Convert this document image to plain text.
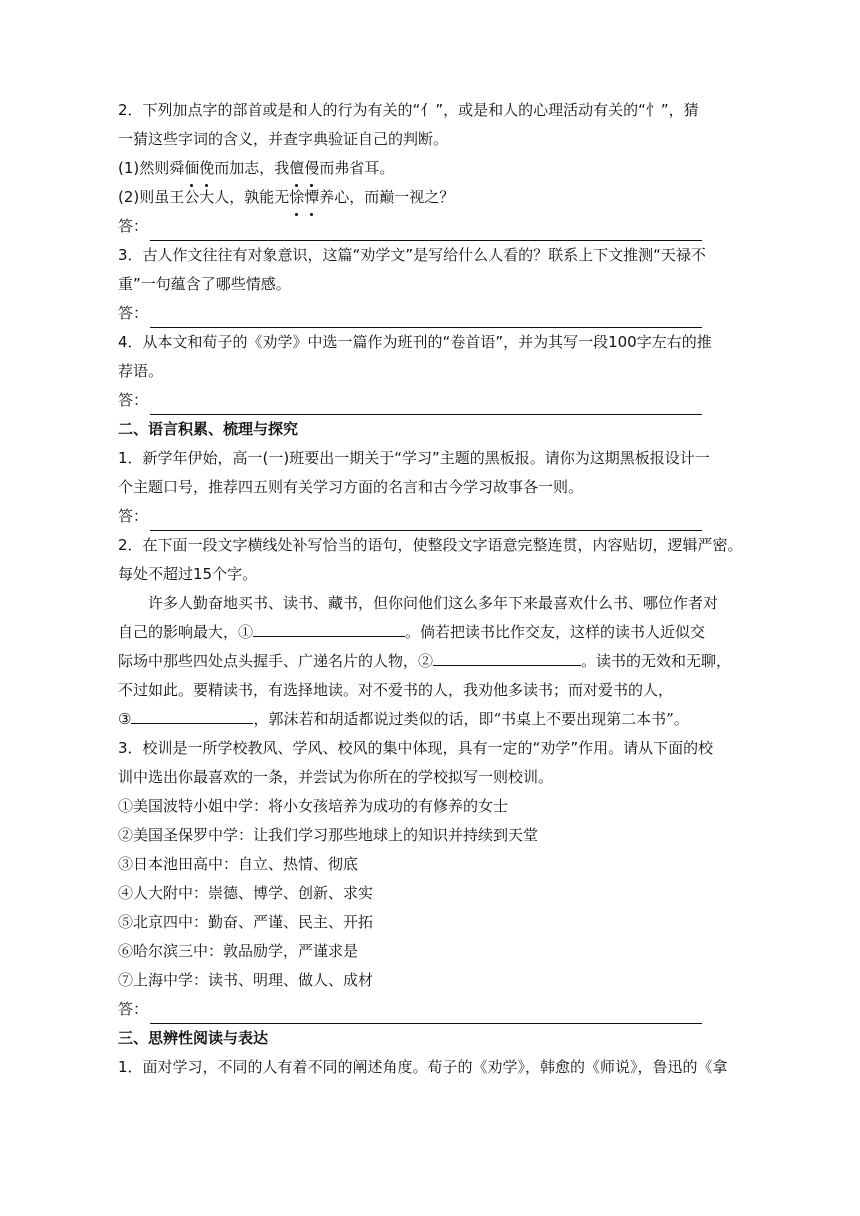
2．下列加点字的部首或是和人的行为有关的“亻”，或是和人的心理活动有关的“忄”，猜

一猜这些字词的含义，并查字典验证自己的判断。

(1)然则舜偭俛而加志，我儃僈而弗省耳。

(2)则虽王公大人，孰能无悇憛养心，而巅一视之？

答：

3．古人作文往往有对象意识，这篇“劝学文”是写给什么人看的？联系上下文推测“天禄不

重”一句蕴含了哪些情感。

答：

4．从本文和荀子的《劝学》中选一篇作为班刊的“卷首语”，并为其写一段100字左右的推

荐语。

答：

二、语言积累、梳理与探究

1．新学年伊始，高一(一)班要出一期关于“学习”主题的黑板报。请你为这期黑板报设计一

个主题口号，推荐四五则有关学习方面的名言和古今学习故事各一则。

答：

2．在下面一段文字横线处补写恰当的语句，使整段文字语意完整连贯，内容贴切，逻辑严密。

每处不超过15个字。

许多人勤奋地买书、读书、藏书，但你问他们这么多年下来最喜欢什么书、哪位作者对

自己的影响最大，①	。倘若把读书比作交友，这样的读书人近似交

际场中那些四处点头握手、广递名片的人物，②	。读书的无效和无聊，

不过如此。要精读书，有选择地读。对不爱书的人，我劝他多读书；而对爱书的人，

③	，郭沫若和胡适都说过类似的话，即“书桌上不要出现第二本书”。

3．校训是一所学校教风、学风、校风的集中体现，具有一定的“劝学”作用。请从下面的校

训中选出你最喜欢的一条，并尝试为你所在的学校拟写一则校训。

①美国波特小姐中学：将小女孩培养为成功的有修养的女士

②美国圣保罗中学：让我们学习那些地球上的知识并持续到天堂

③日本池田高中：自立、热情、彻底

④人大附中：崇德、博学、创新、求实

⑤北京四中：勤奋、严谨、民主、开拓

⑥哈尔滨三中：敦品励学，严谨求是

⑦上海中学：读书、明理、做人、成材

答：

三、思辨性阅读与表达

1．面对学习，不同的人有着不同的阐述角度。荀子的《劝学》，韩愈的《师说》，鲁迅的《拿
